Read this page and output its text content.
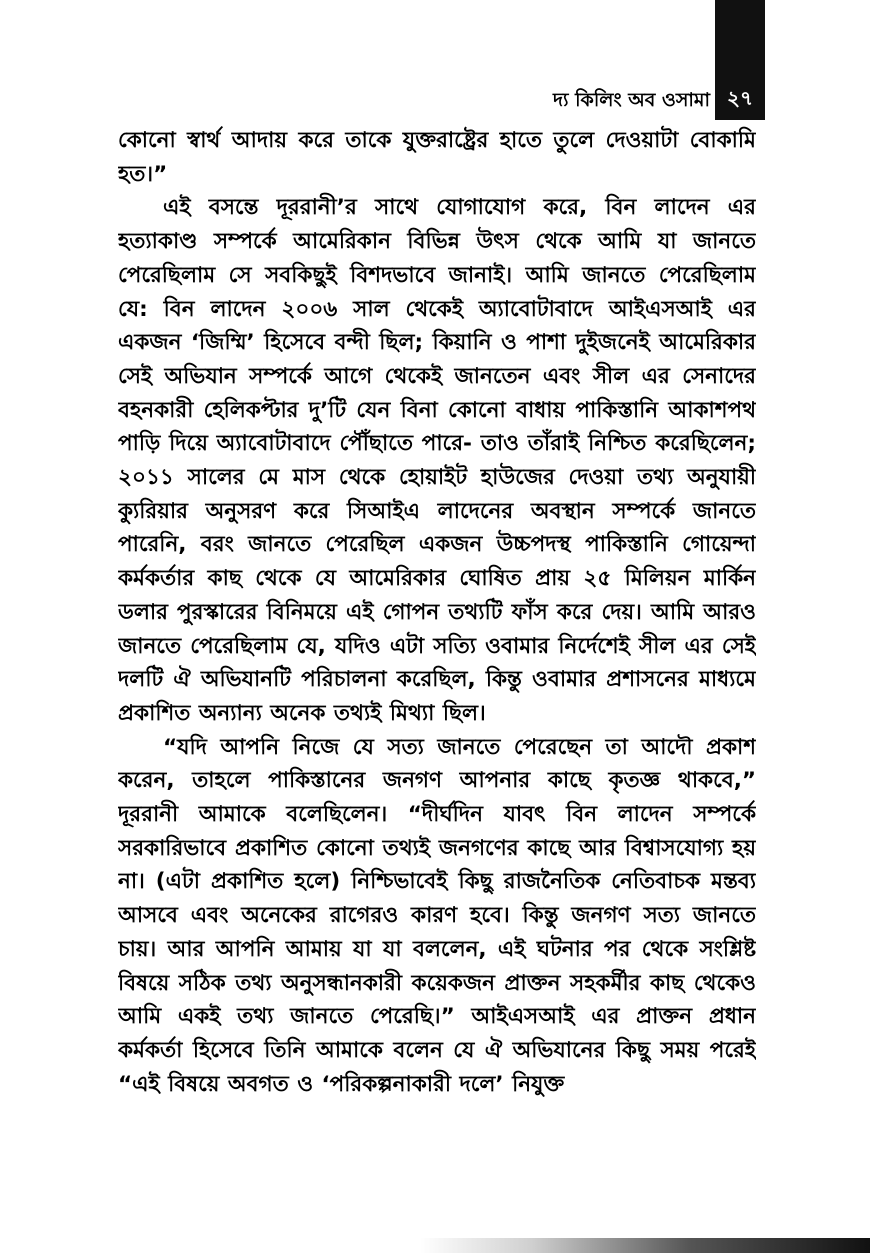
দ্য কিলিং অব ওসামা ২৭

কোনো স্বার্থ আদায় করে তাকে যুক্তরাষ্ট্রের হাতে তুলে দেওয়াটা বোকামি হত।”

এই বসন্তে দূররানী’র সাথে যোগাযোগ করে, বিন লাদেন এর হত্যাকাণ্ড সম্পর্কে আমেরিকান বিভিন্ন উৎস থেকে আমি যা জানতে পেরেছিলাম সে সবকিছুই বিশদভাবে জানাই। আমি জানতে পেরেছিলাম যে: বিন লাদেন ২০০৬ সাল থেকেই অ্যাবোটাবাদে আইএসআই এর একজন ‘জিম্মি’ হিসেবে বন্দী ছিল; কিয়ানি ও পাশা দুইজনেই আমেরিকার সেই অভিযান সম্পর্কে আগে থেকেই জানতেন এবং সীল এর সেনাদের বহনকারী হেলিকপ্টার দু’টি যেন বিনা কোনো বাধায় পাকিস্তানি আকাশপথ পাড়ি দিয়ে অ্যাবোটাবাদে পৌঁছাতে পারে- তাও তাঁরাই নিশ্চিত করেছিলেন; ২০১১ সালের মে মাস থেকে হোয়াইট হাউজের দেওয়া তথ্য অনুযায়ী ক্যুরিয়ার অনুসরণ করে সিআইএ লাদেনের অবস্থান সম্পর্কে জানতে পারেনি, বরং জানতে পেরেছিল একজন উচ্চপদস্থ পাকিস্তানি গোয়েন্দা কর্মকর্তার কাছ থেকে যে আমেরিকার ঘোষিত প্রায় ২৫ মিলিয়ন মার্কিন ডলার পুরস্কারের বিনিময়ে এই গোপন তথ্যটি ফাঁস করে দেয়। আমি আরও জানতে পেরেছিলাম যে, যদিও এটা সত্যি ওবামার নির্দেশেই সীল এর সেই দলটি ঐ অভিযানটি পরিচালনা করেছিল, কিন্তু ওবামার প্রশাসনের মাধ্যমে প্রকাশিত অন্যান্য অনেক তথ্যই মিথ্যা ছিল।

“যদি আপনি নিজে যে সত্য জানতে পেরেছেন তা আদৌ প্রকাশ করেন, তাহলে পাকিস্তানের জনগণ আপনার কাছে কৃতজ্ঞ থাকবে,” দূররানী আমাকে বলেছিলেন। “দীর্ঘদিন যাবৎ বিন লাদেন সম্পর্কে সরকারিভাবে প্রকাশিত কোনো তথ্যই জনগণের কাছে আর বিশ্বাসযোগ্য হয় না। (এটা প্রকাশিত হলে) নিশ্চিভাবেই কিছু রাজনৈতিক নেতিবাচক মন্তব্য আসবে এবং অনেকের রাগেরও কারণ হবে। কিন্তু জনগণ সত্য জানতে চায়। আর আপনি আমায় যা যা বললেন, এই ঘটনার পর থেকে সংশ্লিষ্ট বিষয়ে সঠিক তথ্য অনুসন্ধানকারী কয়েকজন প্রাক্তন সহকর্মীর কাছ থেকেও আমি একই তথ্য জানতে পেরেছি।” আইএসআই এর প্রাক্তন প্রধান কর্মকর্তা হিসেবে তিনি আমাকে বলেন যে ঐ অভিযানের কিছু সময় পরেই “এই বিষয়ে অবগত ও ‘পরিকল্পনাকারী দলে’ নিযুক্ত
